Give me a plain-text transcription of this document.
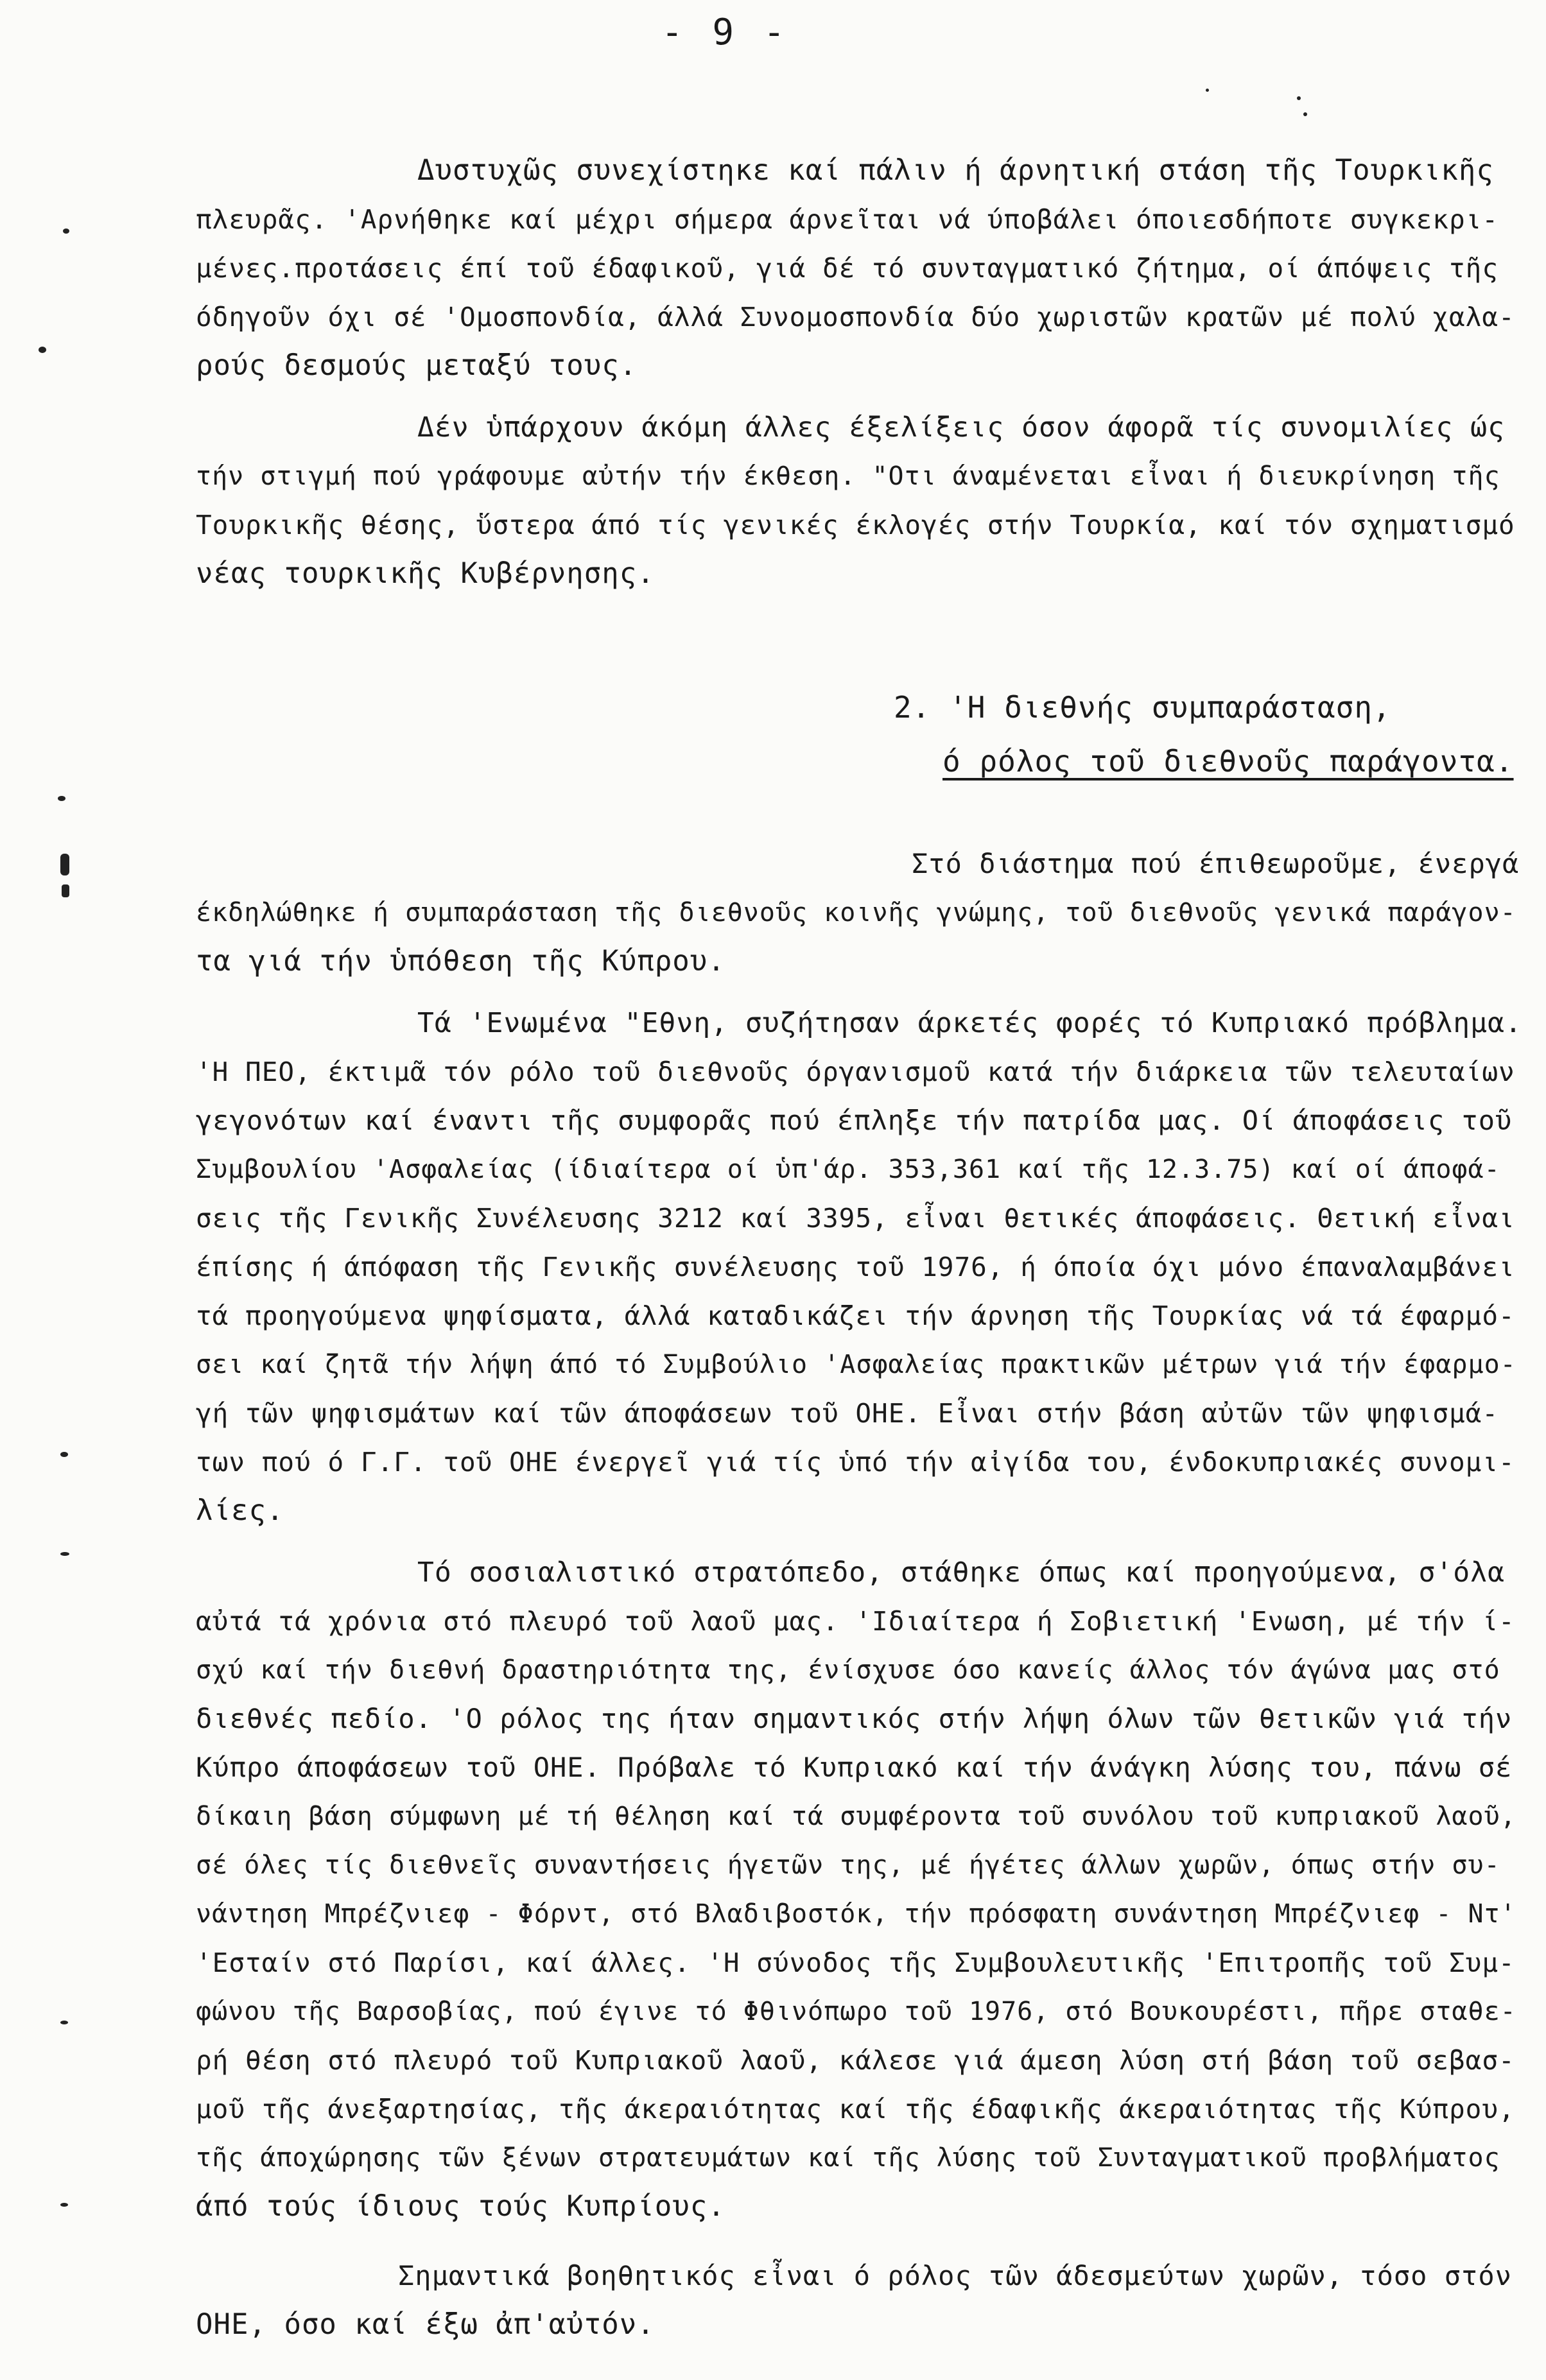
- 9 -
Δυστυχῶς συνεχίστηκε καί πάλιν ή άρνητική στάση τῆς Τουρκικῆς
πλευρᾶς. 'Αρνήθηκε καί μέχρι σήμερα άρνεῖται νά ύποβάλει όποιεσδήποτε συγκεκρι-
μένες.προτάσεις έπί τοῦ έδαφικοῦ, γιά δέ τό συνταγματικό ζήτημα, οί άπόψεις τῆς
όδηγοῦν όχι σέ 'Ομοσπονδία, άλλά Συνομοσπονδία δύο χωριστῶν κρατῶν μέ πολύ χαλα-
ρούς δεσμούς μεταξύ τους.
Δέν ὑπάρχουν άκόμη άλλες έξελίξεις όσον άφορᾶ τίς συνομιλίες ώς
τήν στιγμή πού γράφουμε αὐτήν τήν έκθεση. "Οτι άναμένεται εἶναι ή διευκρίνηση τῆς
Τουρκικῆς θέσης, ὕστερα άπό τίς γενικές έκλογές στήν Τουρκία, καί τόν σχηματισμό
νέας τουρκικῆς Κυβέρνησης.
2. 'Η διεθνής συμπαράσταση,
ό ρόλος τοῦ διεθνοῦς παράγοντα.
Στό διάστημα πού έπιθεωροῦμε, ένεργά
έκδηλώθηκε ή συμπαράσταση τῆς διεθνοῦς κοινῆς γνώμης, τοῦ διεθνοῦς γενικά παράγον-
τα γιά τήν ὑπόθεση τῆς Κύπρου.
Τά 'Ενωμένα "Εθνη, συζήτησαν άρκετές φορές τό Κυπριακό πρόβλημα.
'Η ΠΕΟ, έκτιμᾶ τόν ρόλο τοῦ διεθνοῦς όργανισμοῦ κατά τήν διάρκεια τῶν τελευταίων
γεγονότων καί έναντι τῆς συμφορᾶς πού έπληξε τήν πατρίδα μας. Οί άποφάσεις τοῦ
Συμβουλίου 'Ασφαλείας (ίδιαίτερα οί ὑπ'άρ. 353,361 καί τῆς 12.3.75) καί οί άποφά-
σεις τῆς Γενικῆς Συνέλευσης 3212 καί 3395, εἶναι θετικές άποφάσεις. Θετική εἶναι
έπίσης ή άπόφαση τῆς Γενικῆς συνέλευσης τοῦ 1976, ή όποία όχι μόνο έπαναλαμβάνει
τά προηγούμενα ψηφίσματα, άλλά καταδικάζει τήν άρνηση τῆς Τουρκίας νά τά έφαρμό-
σει καί ζητᾶ τήν λήψη άπό τό Συμβούλιο 'Ασφαλείας πρακτικῶν μέτρων γιά τήν έφαρμο-
γή τῶν ψηφισμάτων καί τῶν άποφάσεων τοῦ ΟΗΕ. Εἶναι στήν βάση αὐτῶν τῶν ψηφισμά-
των πού ό Γ.Γ. τοῦ ΟΗΕ ένεργεῖ γιά τίς ὑπό τήν αἰγίδα του, ένδοκυπριακές συνομι-
λίες.
Τό σοσιαλιστικό στρατόπεδο, στάθηκε όπως καί προηγούμενα, σ'όλα
αὐτά τά χρόνια στό πλευρό τοῦ λαοῦ μας. 'Ιδιαίτερα ή Σοβιετική 'Ενωση, μέ τήν ί-
σχύ καί τήν διεθνή δραστηριότητα της, ένίσχυσε όσο κανείς άλλος τόν άγώνα μας στό
διεθνές πεδίο. 'Ο ρόλος της ήταν σημαντικός στήν λήψη όλων τῶν θετικῶν γιά τήν
Κύπρο άποφάσεων τοῦ ΟΗΕ. Πρόβαλε τό Κυπριακό καί τήν άνάγκη λύσης του, πάνω σέ
δίκαιη βάση σύμφωνη μέ τή θέληση καί τά συμφέροντα τοῦ συνόλου τοῦ κυπριακοῦ λαοῦ,
σέ όλες τίς διεθνεῖς συναντήσεις ήγετῶν της, μέ ήγέτες άλλων χωρῶν, όπως στήν συ-
νάντηση Μπρέζνιεφ - Φόρντ, στό Βλαδιβοστόκ, τήν πρόσφατη συνάντηση Μπρέζνιεφ - Ντ'
'Εσταίν στό Παρίσι, καί άλλες. 'Η σύνοδος τῆς Συμβουλευτικῆς 'Επιτροπῆς τοῦ Συμ-
φώνου τῆς Βαρσοβίας, πού έγινε τό Φθινόπωρο τοῦ 1976, στό Βουκουρέστι, πῆρε σταθε-
ρή θέση στό πλευρό τοῦ Κυπριακοῦ λαοῦ, κάλεσε γιά άμεση λύση στή βάση τοῦ σεβασ-
μοῦ τῆς άνεξαρτησίας, τῆς άκεραιότητας καί τῆς έδαφικῆς άκεραιότητας τῆς Κύπρου,
τῆς άποχώρησης τῶν ξένων στρατευμάτων καί τῆς λύσης τοῦ Συνταγματικοῦ προβλήματος
άπό τούς ίδιους τούς Κυπρίους.
Σημαντικά βοηθητικός εἶναι ό ρόλος τῶν άδεσμεύτων χωρῶν, τόσο στόν
ΟΗΕ, όσο καί έξω ἀπ'αὐτόν.
